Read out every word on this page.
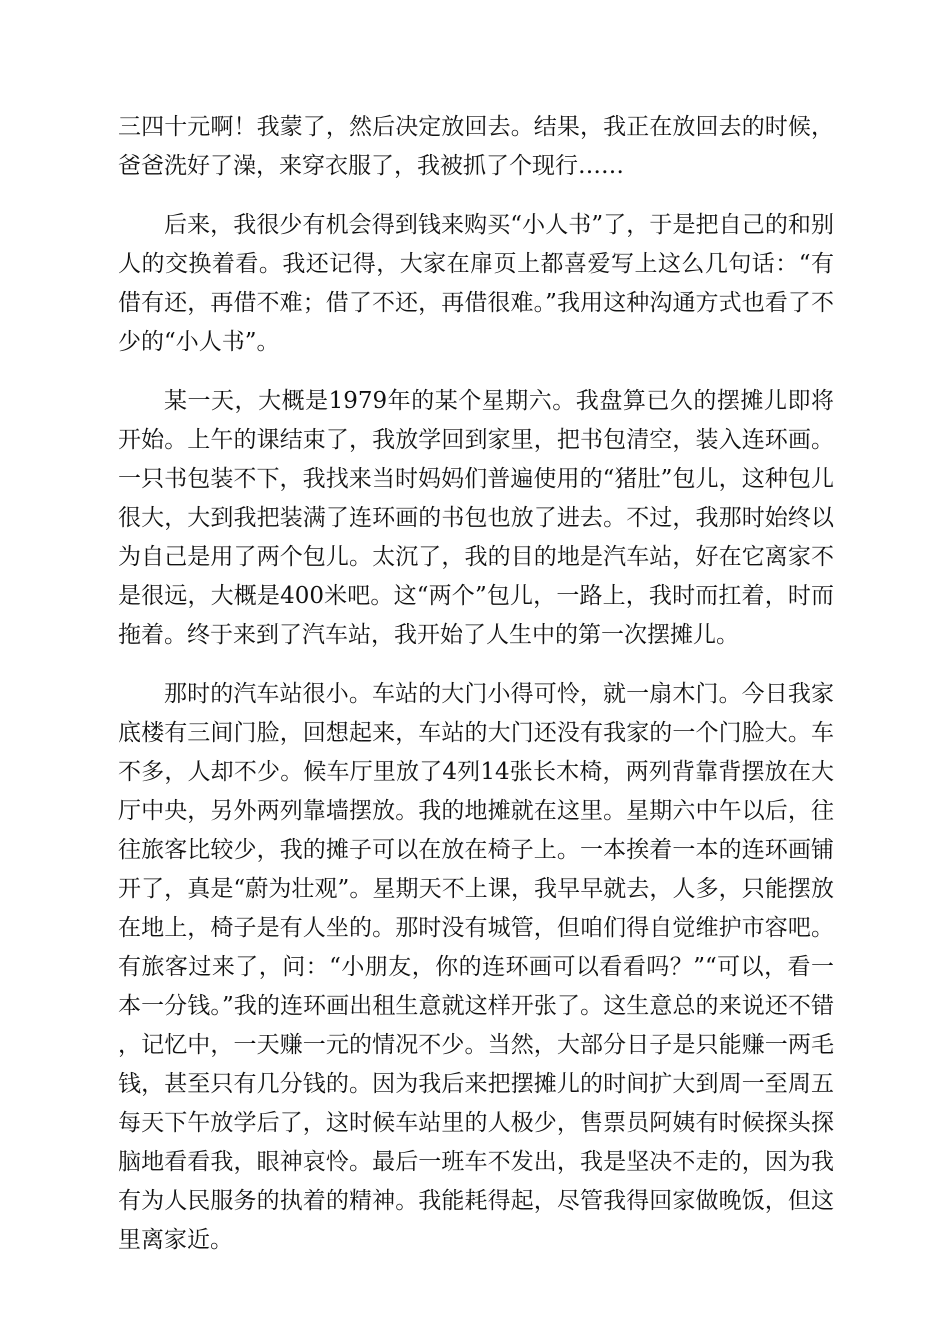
三四十元啊！我蒙了，然后决定放回去。结果，我正在放回去的时候，爸爸洗好了澡，来穿衣服了，我被抓了个现行……

后来，我很少有机会得到钱来购买“小人书”了，于是把自己的和别人的交换着看。我还记得，大家在扉页上都喜爱写上这么几句话：“有借有还，再借不难；借了不还，再借很难。”我用这种沟通方式也看了不少的“小人书”。

某一天，大概是1979年的某个星期六。我盘算已久的摆摊儿即将开始。上午的课结束了，我放学回到家里，把书包清空，装入连环画。一只书包装不下，我找来当时妈妈们普遍使用的“猪肚”包儿，这种包儿很大，大到我把装满了连环画的书包也放了进去。不过，我那时始终以为自己是用了两个包儿。太沉了，我的目的地是汽车站，好在它离家不是很远，大概是400米吧。这“两个”包儿，一路上，我时而扛着，时而拖着。终于来到了汽车站，我开始了人生中的第一次摆摊儿。

那时的汽车站很小。车站的大门小得可怜，就一扇木门。今日我家底楼有三间门脸，回想起来，车站的大门还没有我家的一个门脸大。车不多，人却不少。候车厅里放了4列14张长木椅，两列背靠背摆放在大厅中央，另外两列靠墙摆放。我的地摊就在这里。星期六中午以后，往往旅客比较少，我的摊子可以在放在椅子上。一本挨着一本的连环画铺开了，真是“蔚为壮观”。星期天不上课，我早早就去，人多，只能摆放在地上，椅子是有人坐的。那时没有城管，但咱们得自觉维护市容吧。有旅客过来了，问：“小朋友，你的连环画可以看看吗？”“可以，看一本一分钱。”我的连环画出租生意就这样开张了。这生意总的来说还不错，记忆中，一天赚一元的情况不少。当然，大部分日子是只能赚一两毛钱，甚至只有几分钱的。因为我后来把摆摊儿的时间扩大到周一至周五每天下午放学后了，这时候车站里的人极少，售票员阿姨有时候探头探脑地看看我，眼神哀怜。最后一班车不发出，我是坚决不走的，因为我有为人民服务的执着的精神。我能耗得起，尽管我得回家做晚饭，但这里离家近。
